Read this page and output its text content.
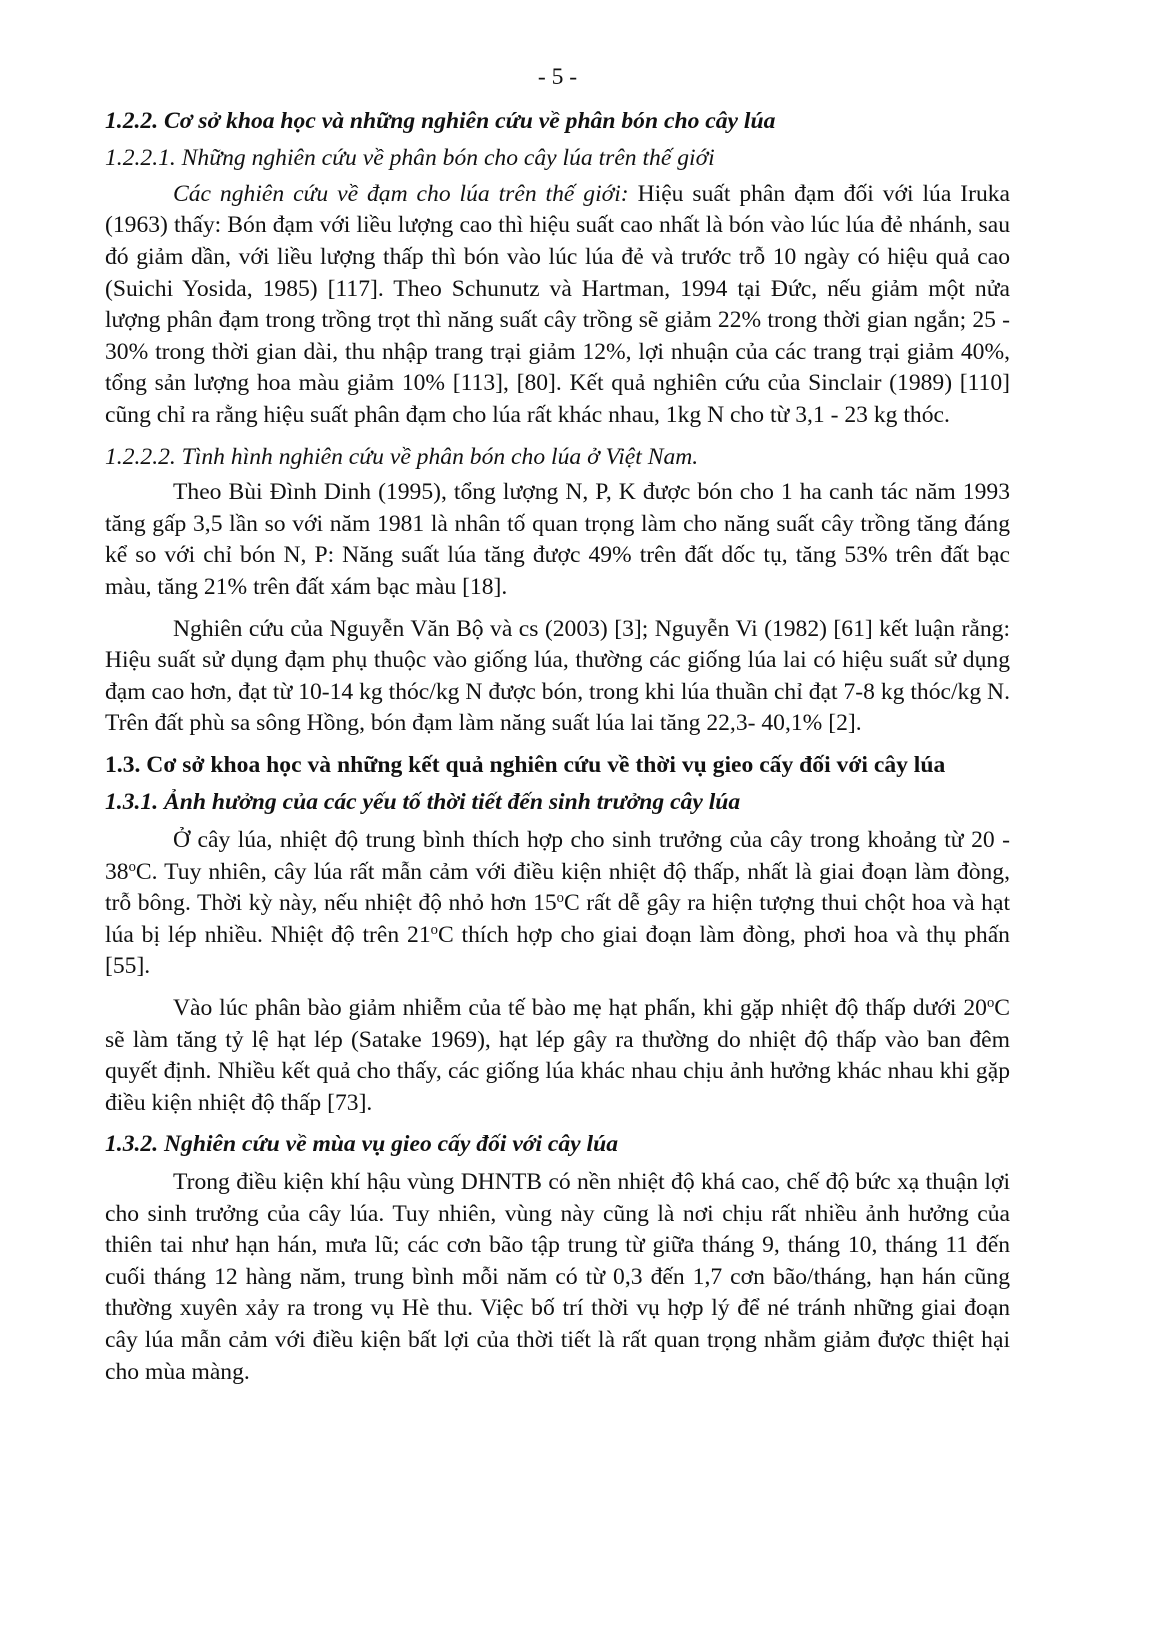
- 5 -
1.2.2. Cơ sở khoa học và những nghiên cứu về phân bón cho cây lúa
1.2.2.1. Những nghiên cứu về phân bón cho cây lúa trên thế giới

Các nghiên cứu về đạm cho lúa trên thế giới: Hiệu suất phân đạm đối với lúa Iruka (1963) thấy: Bón đạm với liều lượng cao thì hiệu suất cao nhất là bón vào lúc lúa đẻ nhánh, sau đó giảm dần, với liều lượng thấp thì bón vào lúc lúa đẻ và trước trỗ 10 ngày có hiệu quả cao (Suichi Yosida, 1985) [117]. Theo Schunutz và Hartman, 1994 tại Đức, nếu giảm một nửa lượng phân đạm trong trồng trọt thì năng suất cây trồng sẽ giảm 22% trong thời gian ngắn; 25 - 30% trong thời gian dài, thu nhập trang trại giảm 12%, lợi nhuận của các trang trại giảm 40%, tổng sản lượng hoa màu giảm 10% [113], [80]. Kết quả nghiên cứu của Sinclair (1989) [110] cũng chỉ ra rằng hiệu suất phân đạm cho lúa rất khác nhau, 1kg N cho từ 3,1 - 23 kg thóc.

1.2.2.2. Tình hình nghiên cứu về phân bón cho lúa ở Việt Nam.

Theo Bùi Đình Dinh (1995), tổng lượng N, P, K được bón cho 1 ha canh tác năm 1993 tăng gấp 3,5 lần so với năm 1981 là nhân tố quan trọng làm cho năng suất cây trồng tăng đáng kể so với chỉ bón N, P: Năng suất lúa tăng được 49% trên đất dốc tụ, tăng 53% trên đất bạc màu, tăng 21% trên đất xám bạc màu [18].

Nghiên cứu của Nguyễn Văn Bộ và cs (2003) [3]; Nguyễn Vi (1982) [61] kết luận rằng: Hiệu suất sử dụng đạm phụ thuộc vào giống lúa, thường các giống lúa lai có hiệu suất sử dụng đạm cao hơn, đạt từ 10-14 kg thóc/kg N được bón, trong khi lúa thuần chỉ đạt 7-8 kg thóc/kg N. Trên đất phù sa sông Hồng, bón đạm làm năng suất lúa lai tăng 22,3- 40,1% [2].

1.3. Cơ sở khoa học và những kết quả nghiên cứu về thời vụ gieo cấy đối với cây lúa
1.3.1. Ảnh hưởng của các yếu tố thời tiết đến sinh trưởng cây lúa

Ở cây lúa, nhiệt độ trung bình thích hợp cho sinh trưởng của cây trong khoảng từ 20 - 38$^o$C. Tuy nhiên, cây lúa rất mẫn cảm với điều kiện nhiệt độ thấp, nhất là giai đoạn làm đòng, trỗ bông. Thời kỳ này, nếu nhiệt độ nhỏ hơn 15$^o$C rất dễ gây ra hiện tượng thui chột hoa và hạt lúa bị lép nhiều. Nhiệt độ trên 21$^o$C thích hợp cho giai đoạn làm đòng, phơi hoa và thụ phấn [55].

Vào lúc phân bào giảm nhiễm của tế bào mẹ hạt phấn, khi gặp nhiệt độ thấp dưới 20$^o$C sẽ làm tăng tỷ lệ hạt lép (Satake 1969), hạt lép gây ra thường do nhiệt độ thấp vào ban đêm quyết định. Nhiều kết quả cho thấy, các giống lúa khác nhau chịu ảnh hưởng khác nhau khi gặp điều kiện nhiệt độ thấp [73].

1.3.2. Nghiên cứu về mùa vụ gieo cấy đối với cây lúa

Trong điều kiện khí hậu vùng DHNTB có nền nhiệt độ khá cao, chế độ bức xạ thuận lợi cho sinh trưởng của cây lúa. Tuy nhiên, vùng này cũng là nơi chịu rất nhiều ảnh hưởng của thiên tai như hạn hán, mưa lũ; các cơn bão tập trung từ giữa tháng 9, tháng 10, tháng 11 đến cuối tháng 12 hàng năm, trung bình mỗi năm có từ 0,3 đến 1,7 cơn bão/tháng, hạn hán cũng thường xuyên xảy ra trong vụ Hè thu. Việc bố trí thời vụ hợp lý để né tránh những giai đoạn cây lúa mẫn cảm với điều kiện bất lợi của thời tiết là rất quan trọng nhằm giảm được thiệt hại cho mùa màng.
